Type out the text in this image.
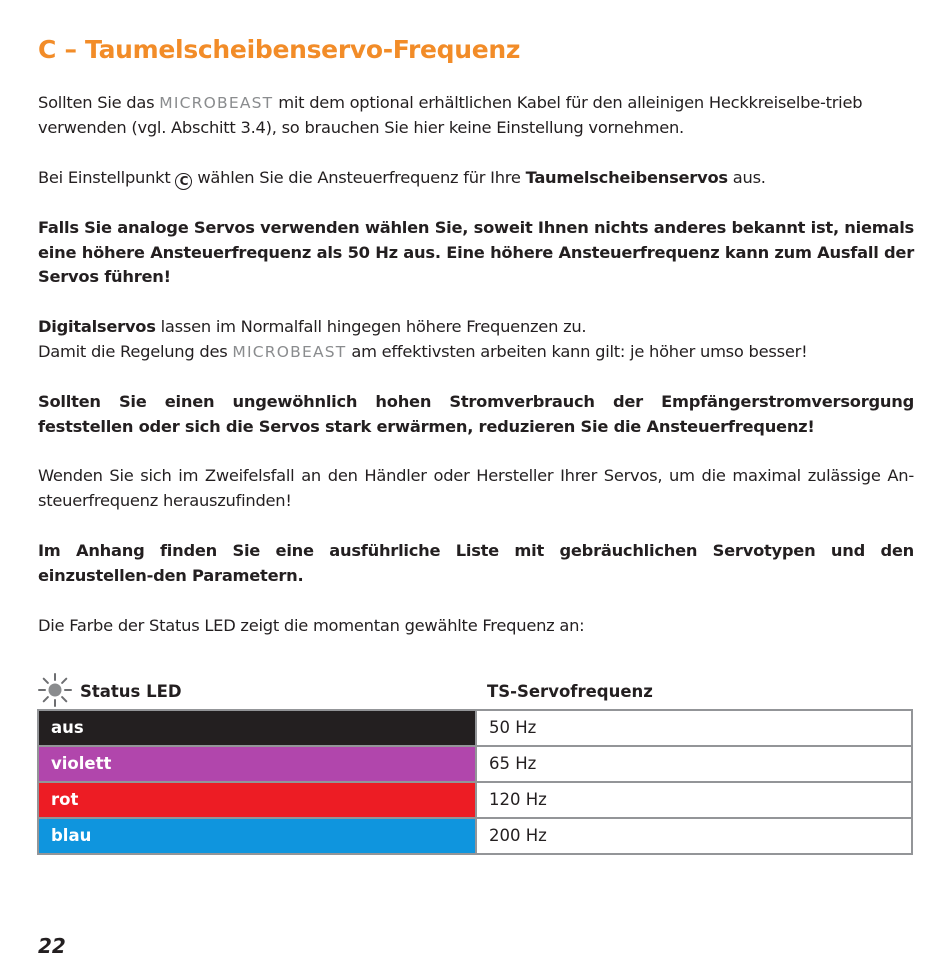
C – Taumelscheibenservo-Frequenz

Sollten Sie das MICROBEAST mit dem optional erhältlichen Kabel für den alleinigen Heckkreiselbe-trieb verwenden (vgl. Abschitt 3.4), so brauchen Sie hier keine Einstellung vornehmen.

Bei Einstellpunkt C wählen Sie die Ansteuerfrequenz für Ihre Taumelscheibenservos aus.

Falls Sie analoge Servos verwenden wählen Sie, soweit Ihnen nichts anderes bekannt ist, niemals eine höhere Ansteuerfrequenz als 50 Hz aus. Eine höhere Ansteuerfrequenz kann zum Ausfall der Servos führen!

Digitalservos lassen im Normalfall hingegen höhere Frequenzen zu.
Damit die Regelung des MICROBEAST am effektivsten arbeiten kann gilt: je höher umso besser!

Sollten Sie einen ungewöhnlich hohen Stromverbrauch der Empfängerstromversorgung feststellen oder sich die Servos stark erwärmen, reduzieren Sie die Ansteuerfrequenz!

Wenden Sie sich im Zweifelsfall an den Händler oder Hersteller Ihrer Servos, um die maximal zulässige An-steuerfrequenz herauszufinden!

Im Anhang finden Sie eine ausführliche Liste mit gebräuchlichen Servotypen und den einzustellen-den Parametern.

Die Farbe der Status LED zeigt die momentan gewählte Frequenz an:

Status LED	TS-Servofrequenz
aus	50 Hz
violett	65 Hz
rot	120 Hz
blau	200 Hz

22
